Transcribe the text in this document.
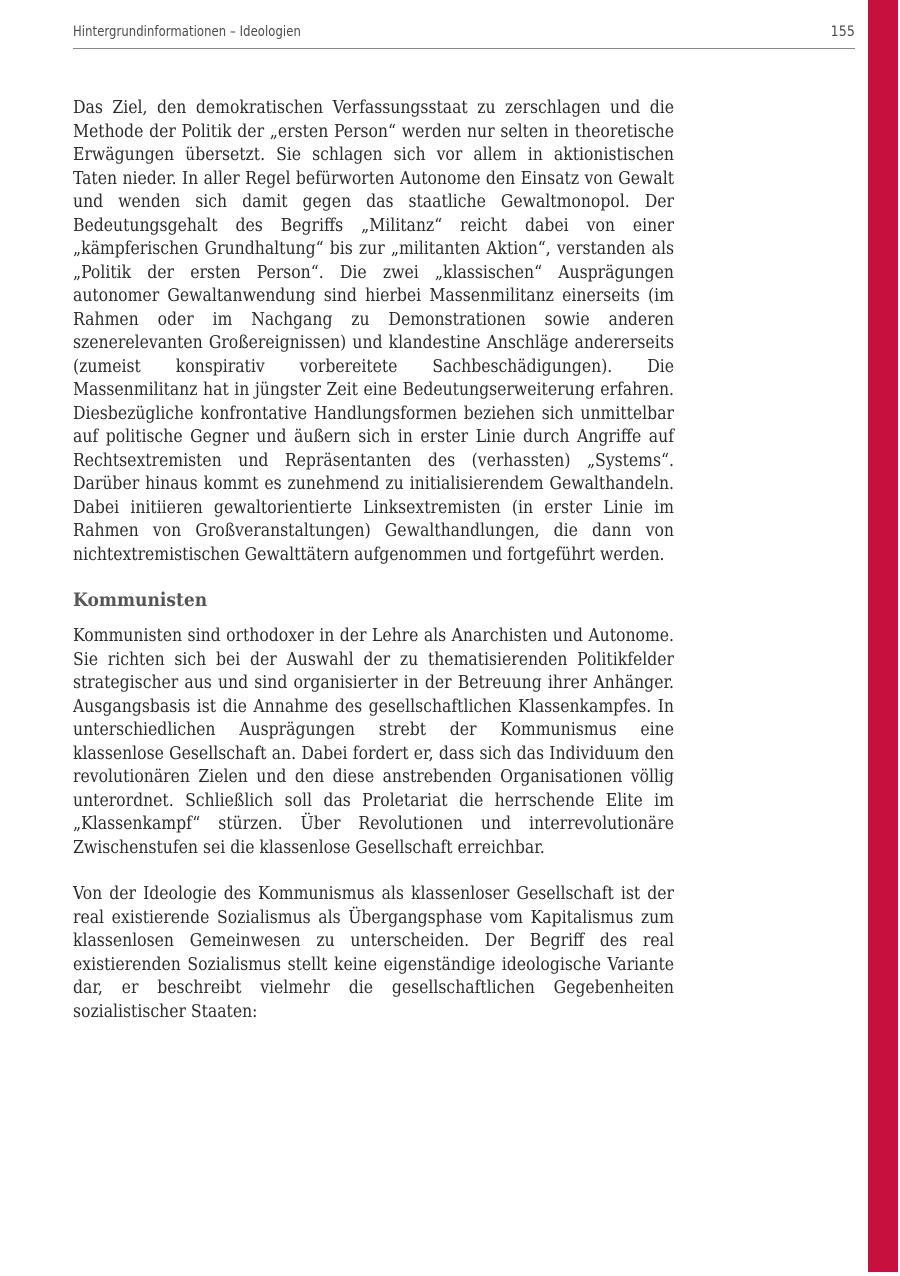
Hintergrundinformationen – Ideologien	155

Das Ziel, den demokratischen Verfassungsstaat zu zerschlagen und die Methode der Politik der „ersten Person“ werden nur selten in theoretische Erwägungen übersetzt. Sie schlagen sich vor allem in aktionistischen Taten nieder. In aller Regel befürworten Autonome den Einsatz von Gewalt und wenden sich damit gegen das staatliche Gewaltmonopol. Der Bedeutungsgehalt des Begriffs „Militanz“ reicht dabei von einer „kämpferischen Grundhaltung“ bis zur „militanten Aktion“, verstanden als „Politik der ersten Person“. Die zwei „klassischen“ Ausprägungen autonomer Gewaltanwendung sind hierbei Massenmilitanz einerseits (im Rahmen oder im Nachgang zu Demonstrationen sowie anderen szenerelevanten Großereignissen) und klandestine Anschläge andererseits (zumeist konspirativ vorbereitete Sachbeschädigungen). Die Massenmilitanz hat in jüngster Zeit eine Bedeutungserweiterung erfahren. Diesbezügliche konfrontative Handlungsformen beziehen sich unmittelbar auf politische Gegner und äußern sich in erster Linie durch Angriffe auf Rechtsextremisten und Repräsentanten des (verhassten) „Systems“. Darüber hinaus kommt es zunehmend zu initialisierendem Gewalthandeln. Dabei initiieren gewaltorientierte Linksextremisten (in erster Linie im Rahmen von Großveranstaltungen) Gewalthandlungen, die dann von nichtextremistischen Gewalttätern aufgenommen und fortgeführt werden.

Kommunisten

Kommunisten sind orthodoxer in der Lehre als Anarchisten und Autonome. Sie richten sich bei der Auswahl der zu thematisierenden Politikfelder strategischer aus und sind organisierter in der Betreuung ihrer Anhänger. Ausgangsbasis ist die Annahme des gesellschaftlichen Klassenkampfes. In unterschiedlichen Ausprägungen strebt der Kommunismus eine klassenlose Gesellschaft an. Dabei fordert er, dass sich das Individuum den revolutionären Zielen und den diese anstrebenden Organisationen völlig unterordnet. Schließlich soll das Proletariat die herrschende Elite im „Klassenkampf“ stürzen. Über Revolutionen und interrevolutionäre Zwischenstufen sei die klassenlose Gesellschaft erreichbar.

Von der Ideologie des Kommunismus als klassenloser Gesellschaft ist der real existierende Sozialismus als Übergangsphase vom Kapitalismus zum klassenlosen Gemeinwesen zu unterscheiden. Der Begriff des real existierenden Sozialismus stellt keine eigenständige ideologische Variante dar, er beschreibt vielmehr die gesellschaftlichen Gegebenheiten sozialistischer Staaten:
